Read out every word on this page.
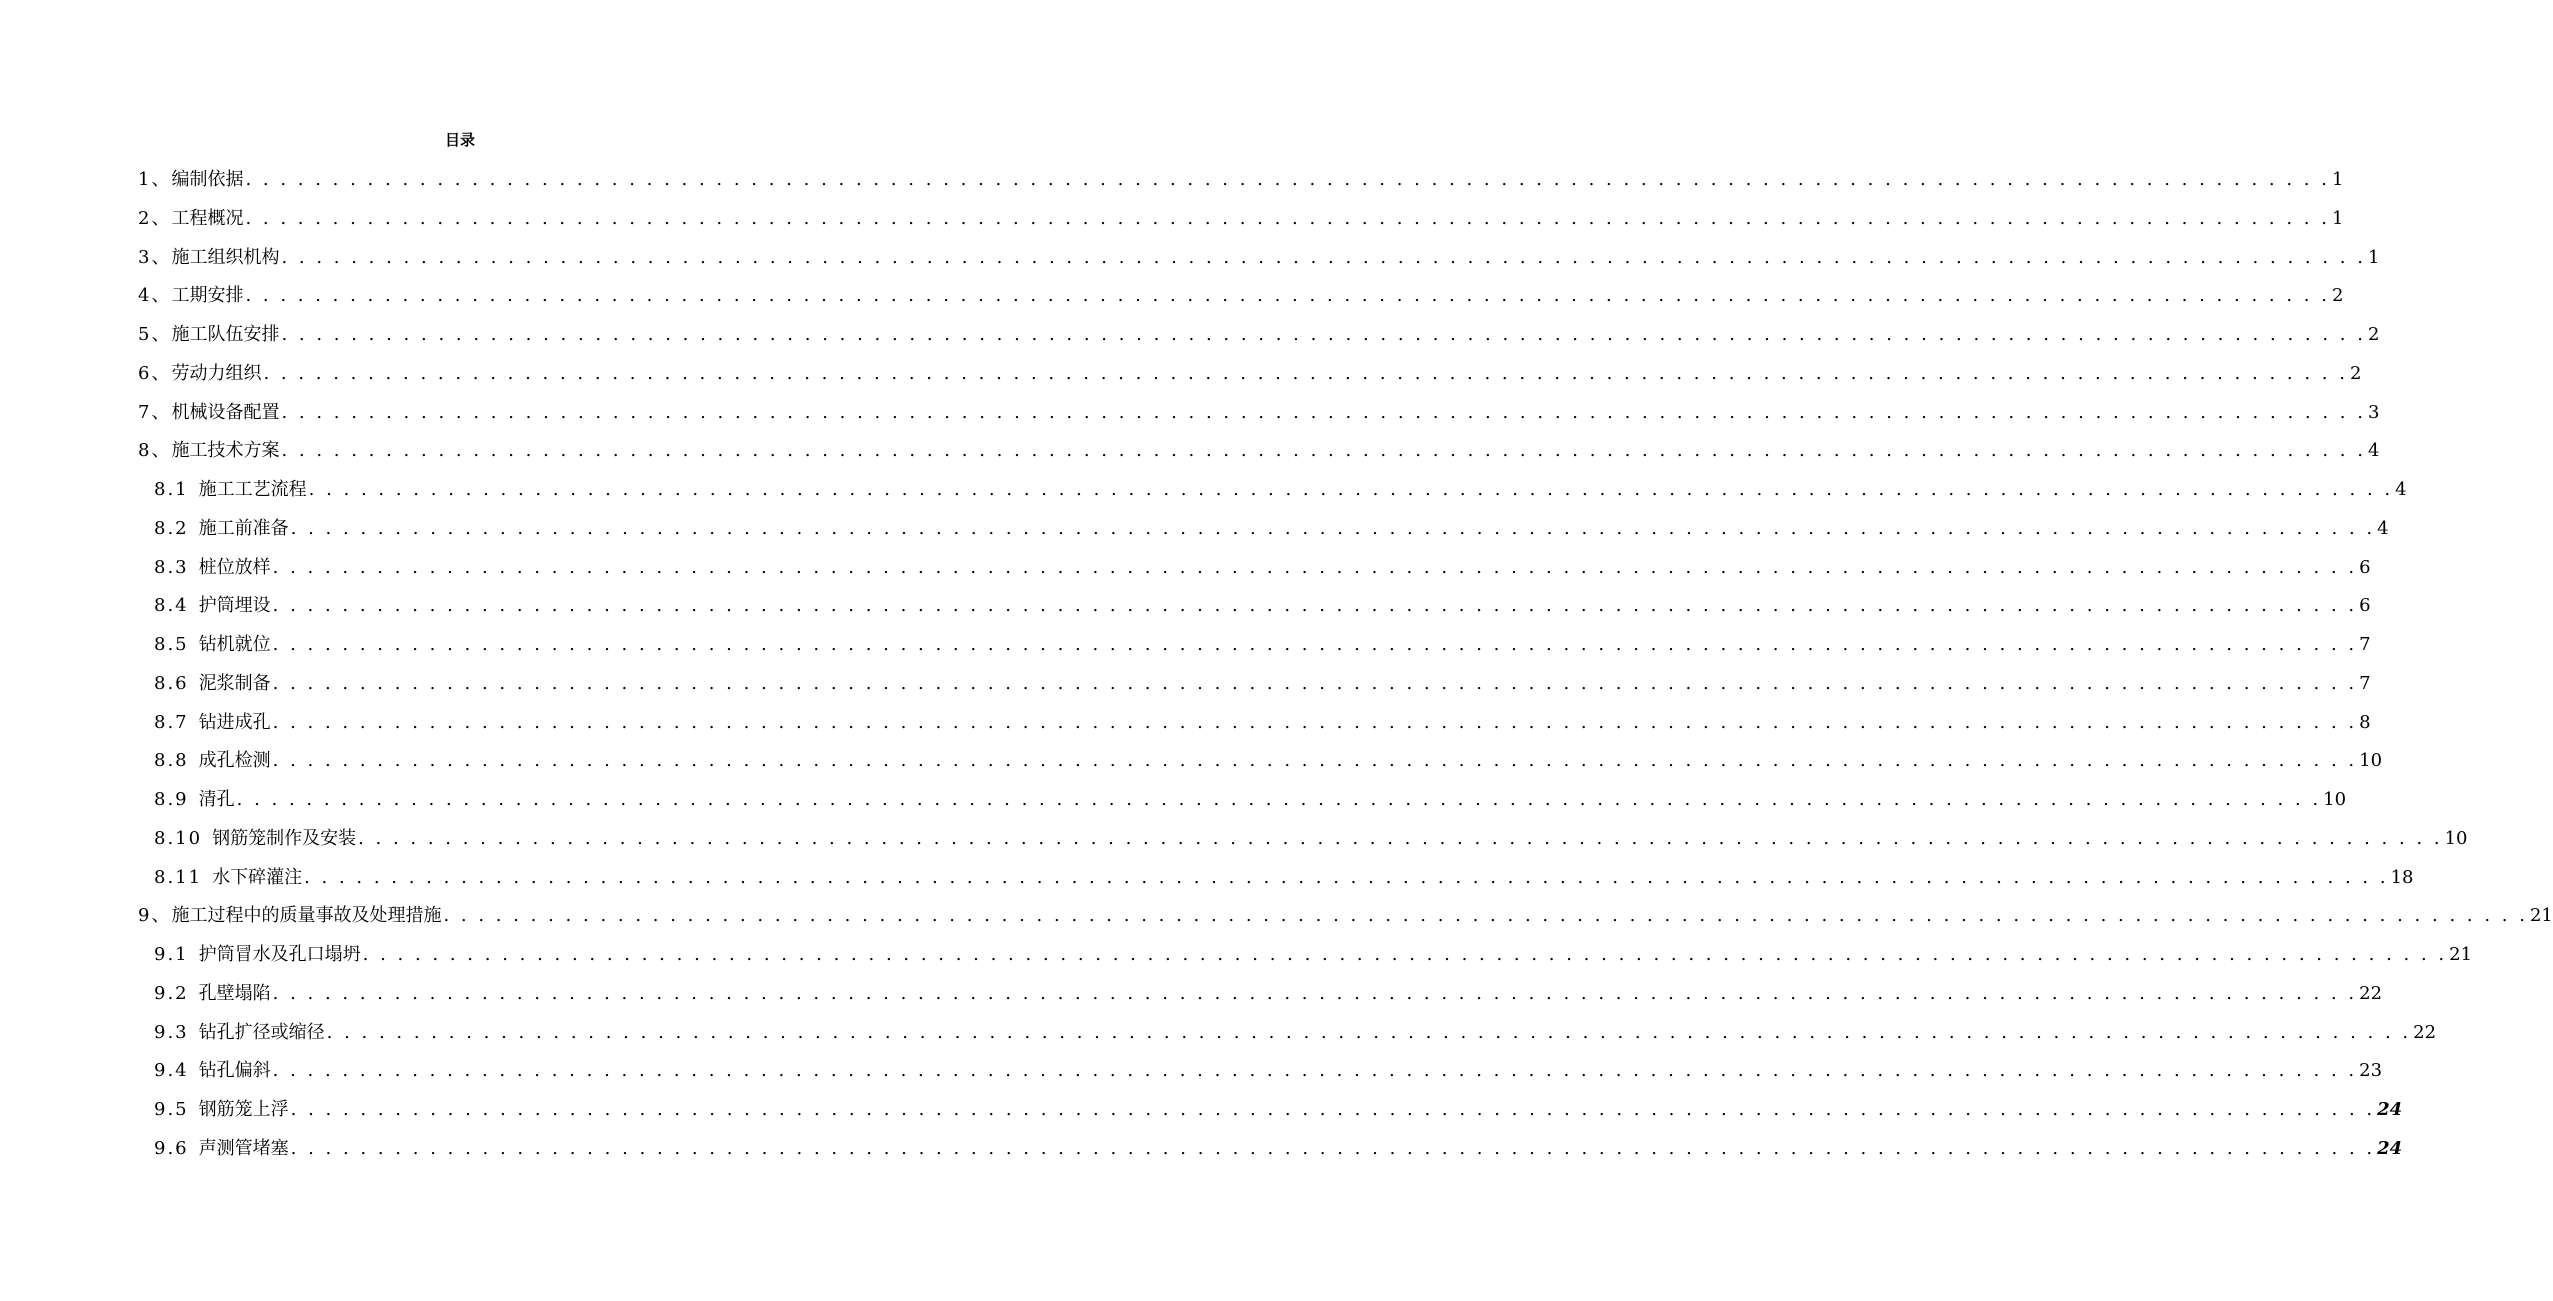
目录
1、 编制依据 . . . . . . . . . . . . . . . . . . . . . . . . . . . . . . . . . . . . . . . . . . . . . . . . . . . . . . . . . . . . . . . . . . . . . . . . . . . . . . . . . . . . . . . . . . . . . . . . . . . . . . . . . . . . . . . . . . . . . . . . 1
2、 工程概况 . . . . . . . . . . . . . . . . . . . . . . . . . . . . . . . . . . . . . . . . . . . . . . . . . . . . . . . . . . . . . . . . . . . . . . . . . . . . . . . . . . . . . . . . . . . . . . . . . . . . . . . . . . . . . . . . . . . . . . . . 1
3、 施工组织机构 . . . . . . . . . . . . . . . . . . . . . . . . . . . . . . . . . . . . . . . . . . . . . . . . . . . . . . . . . . . . . . . . . . . . . . . . . . . . . . . . . . . . . . . . . . . . . . . . . . . . . . . . . . . . . . . . . . . . . . . . 1
4、 工期安排 . . . . . . . . . . . . . . . . . . . . . . . . . . . . . . . . . . . . . . . . . . . . . . . . . . . . . . . . . . . . . . . . . . . . . . . . . . . . . . . . . . . . . . . . . . . . . . . . . . . . . . . . . . . . . . . . . . . . . . . . 2
5、 施工队伍安排 . . . . . . . . . . . . . . . . . . . . . . . . . . . . . . . . . . . . . . . . . . . . . . . . . . . . . . . . . . . . . . . . . . . . . . . . . . . . . . . . . . . . . . . . . . . . . . . . . . . . . . . . . . . . . . . . . . . . . . . . 2
6、 劳动力组织 . . . . . . . . . . . . . . . . . . . . . . . . . . . . . . . . . . . . . . . . . . . . . . . . . . . . . . . . . . . . . . . . . . . . . . . . . . . . . . . . . . . . . . . . . . . . . . . . . . . . . . . . . . . . . . . . . . . . . . . . 2
7、 机械设备配置 . . . . . . . . . . . . . . . . . . . . . . . . . . . . . . . . . . . . . . . . . . . . . . . . . . . . . . . . . . . . . . . . . . . . . . . . . . . . . . . . . . . . . . . . . . . . . . . . . . . . . . . . . . . . . . . . . . . . . . . . 3
8、 施工技术方案 . . . . . . . . . . . . . . . . . . . . . . . . . . . . . . . . . . . . . . . . . . . . . . . . . . . . . . . . . . . . . . . . . . . . . . . . . . . . . . . . . . . . . . . . . . . . . . . . . . . . . . . . . . . . . . . . . . . . . . . . 4
8.1 施工工艺流程 . . . . . . . . . . . . . . . . . . . . . . . . . . . . . . . . . . . . . . . . . . . . . . . . . . . . . . . . . . . . . . . . . . . . . . . . . . . . . . . . . . . . . . . . . . . . . . . . . . . . . . . . . . . . . . . . . . . . . . . . 4
8.2 施工前准备 . . . . . . . . . . . . . . . . . . . . . . . . . . . . . . . . . . . . . . . . . . . . . . . . . . . . . . . . . . . . . . . . . . . . . . . . . . . . . . . . . . . . . . . . . . . . . . . . . . . . . . . . . . . . . . . . . . . . . . . . 4
8.3 桩位放样 . . . . . . . . . . . . . . . . . . . . . . . . . . . . . . . . . . . . . . . . . . . . . . . . . . . . . . . . . . . . . . . . . . . . . . . . . . . . . . . . . . . . . . . . . . . . . . . . . . . . . . . . . . . . . . . . . . . . . . . . 6
8.4 护筒埋设 . . . . . . . . . . . . . . . . . . . . . . . . . . . . . . . . . . . . . . . . . . . . . . . . . . . . . . . . . . . . . . . . . . . . . . . . . . . . . . . . . . . . . . . . . . . . . . . . . . . . . . . . . . . . . . . . . . . . . . . . 6
8.5 钻机就位 . . . . . . . . . . . . . . . . . . . . . . . . . . . . . . . . . . . . . . . . . . . . . . . . . . . . . . . . . . . . . . . . . . . . . . . . . . . . . . . . . . . . . . . . . . . . . . . . . . . . . . . . . . . . . . . . . . . . . . . . 7
8.6 泥浆制备 . . . . . . . . . . . . . . . . . . . . . . . . . . . . . . . . . . . . . . . . . . . . . . . . . . . . . . . . . . . . . . . . . . . . . . . . . . . . . . . . . . . . . . . . . . . . . . . . . . . . . . . . . . . . . . . . . . . . . . . . 7
8.7 钻进成孔 . . . . . . . . . . . . . . . . . . . . . . . . . . . . . . . . . . . . . . . . . . . . . . . . . . . . . . . . . . . . . . . . . . . . . . . . . . . . . . . . . . . . . . . . . . . . . . . . . . . . . . . . . . . . . . . . . . . . . . . . 8
8.8 成孔检测 . . . . . . . . . . . . . . . . . . . . . . . . . . . . . . . . . . . . . . . . . . . . . . . . . . . . . . . . . . . . . . . . . . . . . . . . . . . . . . . . . . . . . . . . . . . . . . . . . . . . . . . . . . . . . . . . . . . . . . . . 10
8.9 清孔 . . . . . . . . . . . . . . . . . . . . . . . . . . . . . . . . . . . . . . . . . . . . . . . . . . . . . . . . . . . . . . . . . . . . . . . . . . . . . . . . . . . . . . . . . . . . . . . . . . . . . . . . . . . . . . . . . . . . . . . . 10
8.10 钢筋笼制作及安装 . . . . . . . . . . . . . . . . . . . . . . . . . . . . . . . . . . . . . . . . . . . . . . . . . . . . . . . . . . . . . . . . . . . . . . . . . . . . . . . . . . . . . . . . . . . . . . . . . . . . . . . . . . . . . . . . . . . . . . . . 10
8.11 水下碎灌注 . . . . . . . . . . . . . . . . . . . . . . . . . . . . . . . . . . . . . . . . . . . . . . . . . . . . . . . . . . . . . . . . . . . . . . . . . . . . . . . . . . . . . . . . . . . . . . . . . . . . . . . . . . . . . . . . . . . . . . . . 18
9、 施工过程中的质量事故及处理措施 . . . . . . . . . . . . . . . . . . . . . . . . . . . . . . . . . . . . . . . . . . . . . . . . . . . . . . . . . . . . . . . . . . . . . . . . . . . . . . . . . . . . . . . . . . . . . . . . . . . . . . . . . . . . . . . . . . . . . . . . 21
9.1 护筒冒水及孔口塌坍 . . . . . . . . . . . . . . . . . . . . . . . . . . . . . . . . . . . . . . . . . . . . . . . . . . . . . . . . . . . . . . . . . . . . . . . . . . . . . . . . . . . . . . . . . . . . . . . . . . . . . . . . . . . . . . . . . . . . . . . . 21
9.2 孔壁塌陷 . . . . . . . . . . . . . . . . . . . . . . . . . . . . . . . . . . . . . . . . . . . . . . . . . . . . . . . . . . . . . . . . . . . . . . . . . . . . . . . . . . . . . . . . . . . . . . . . . . . . . . . . . . . . . . . . . . . . . . . . 22
9.3 钻孔扩径或缩径 . . . . . . . . . . . . . . . . . . . . . . . . . . . . . . . . . . . . . . . . . . . . . . . . . . . . . . . . . . . . . . . . . . . . . . . . . . . . . . . . . . . . . . . . . . . . . . . . . . . . . . . . . . . . . . . . . . . . . . . . 22
9.4 钻孔偏斜 . . . . . . . . . . . . . . . . . . . . . . . . . . . . . . . . . . . . . . . . . . . . . . . . . . . . . . . . . . . . . . . . . . . . . . . . . . . . . . . . . . . . . . . . . . . . . . . . . . . . . . . . . . . . . . . . . . . . . . . . 23
9.5 钢筋笼上浮 . . . . . . . . . . . . . . . . . . . . . . . . . . . . . . . . . . . . . . . . . . . . . . . . . . . . . . . . . . . . . . . . . . . . . . . . . . . . . . . . . . . . . . . . . . . . . . . . . . . . . . . . . . . . . . . . . . . . . . . . 24
9.6 声测管堵塞 . . . . . . . . . . . . . . . . . . . . . . . . . . . . . . . . . . . . . . . . . . . . . . . . . . . . . . . . . . . . . . . . . . . . . . . . . . . . . . . . . . . . . . . . . . . . . . . . . . . . . . . . . . . . . . . . . . . . . . . . 24
